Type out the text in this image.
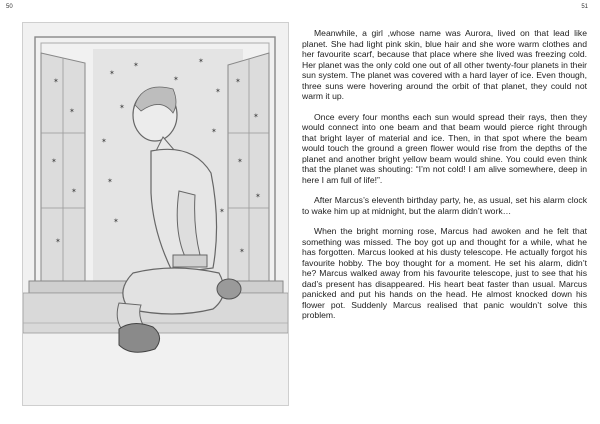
50	51
✶
✶
✶
✶
✶
✶
✶
✶
✶
✶
✶
✶
✶
✶
✶
✶
✶
✶
✶
✶
✶

Meanwhile, a girl ,whose name was Aurora, lived on that lead like planet. She had light pink skin, blue hair and she wore warm clothes and her favourite scarf, because that place where she lived was freezing cold. Her planet was the only cold one out of all other twenty-four planets in their sun system. The planet was covered with a hard layer of ice. Even though, three suns were hovering around the orbit of that planet, they could not warm it up.

Once every four months each sun would spread their rays, then they would connect into one beam and that beam would pierce right through that bright layer of material and ice. Then, in that spot where the beam would touch the ground a green flower would rise from the depths of the planet and another bright yellow beam would shine. You could even think that the planet was shouting: “I’m not cold! I am alive somewhere, deep in here I am full of life!”.

After Marcus’s eleventh birthday party, he, as usual, set his alarm clock to wake him up at midnight, but the alarm didn’t work…

When the bright morning rose, Marcus had awoken and he felt that something was missed. The boy got up and thought for a while, what he has forgotten. Marcus looked at his dusty telescope. He actually forgot his favourite hobby. The boy thought for a moment. He set his alarm, didn’t he? Marcus walked away from his favourite telescope, just to see that his dad’s present has disappeared. His heart beat faster than usual. Marcus panicked and put his hands on the head. He almost knocked down his flower pot. Suddenly Marcus realised that panic wouldn’t solve this problem.
